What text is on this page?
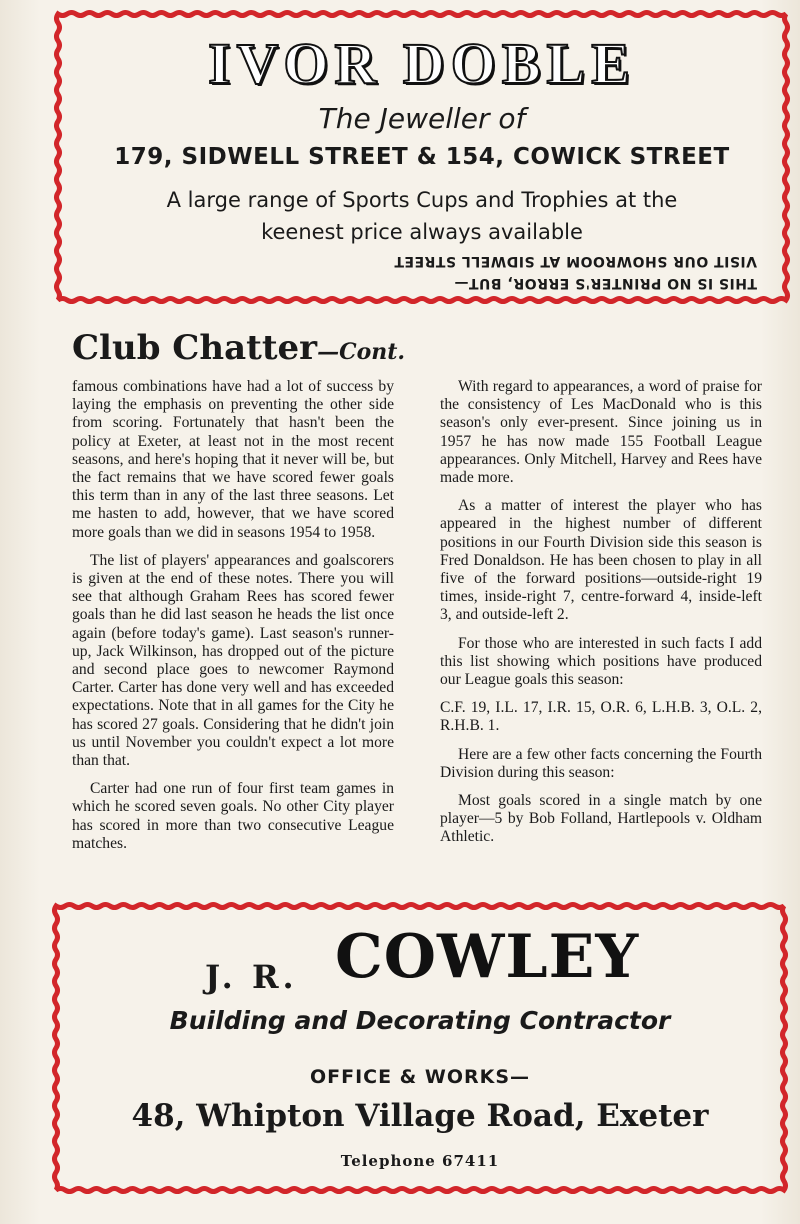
IVOR DOBLE
The Jeweller of
179, SIDWELL STREET & 154, COWICK STREET
A large range of Sports Cups and Trophies at the keenest price always available
THIS IS NO PRINTER'S ERROR, BUT—
VISIT OUR SHOWROOM AT SIDWELL STREET
Club Chatter—Cont.

famous combinations have had a lot of success by laying the emphasis on preventing the other side from scoring. Fortunately that hasn't been the policy at Exeter, at least not in the most recent seasons, and here's hoping that it never will be, but the fact remains that we have scored fewer goals this term than in any of the last three seasons. Let me hasten to add, however, that we have scored more goals than we did in seasons 1954 to 1958.

The list of players' appearances and goalscorers is given at the end of these notes. There you will see that although Graham Rees has scored fewer goals than he did last season he heads the list once again (before today's game). Last season's runner-up, Jack Wilkinson, has dropped out of the picture and second place goes to newcomer Raymond Carter. Carter has done very well and has exceeded expectations. Note that in all games for the City he has scored 27 goals. Considering that he didn't join us until November you couldn't expect a lot more than that.

Carter had one run of four first team games in which he scored seven goals. No other City player has scored in more than two consecutive League matches.

With regard to appearances, a word of praise for the consistency of Les MacDonald who is this season's only ever-present. Since joining us in 1957 he has now made 155 Football League appearances. Only Mitchell, Harvey and Rees have made more.

As a matter of interest the player who has appeared in the highest number of different positions in our Fourth Division side this season is Fred Donaldson. He has been chosen to play in all five of the forward positions—outside-right 19 times, inside-right 7, centre-forward 4, inside-left 3, and outside-left 2.

For those who are interested in such facts I add this list showing which positions have produced our League goals this season:

C.F. 19, I.L. 17, I.R. 15, O.R. 6, L.H.B. 3, O.L. 2, R.H.B. 1.

Here are a few other facts concerning the Fourth Division during this season:

Most goals scored in a single match by one player—5 by Bob Folland, Hartlepools v. Oldham Athletic.

J. R. COWLEY
Building and Decorating Contractor
OFFICE & WORKS—
48, Whipton Village Road, Exeter
Telephone 67411
